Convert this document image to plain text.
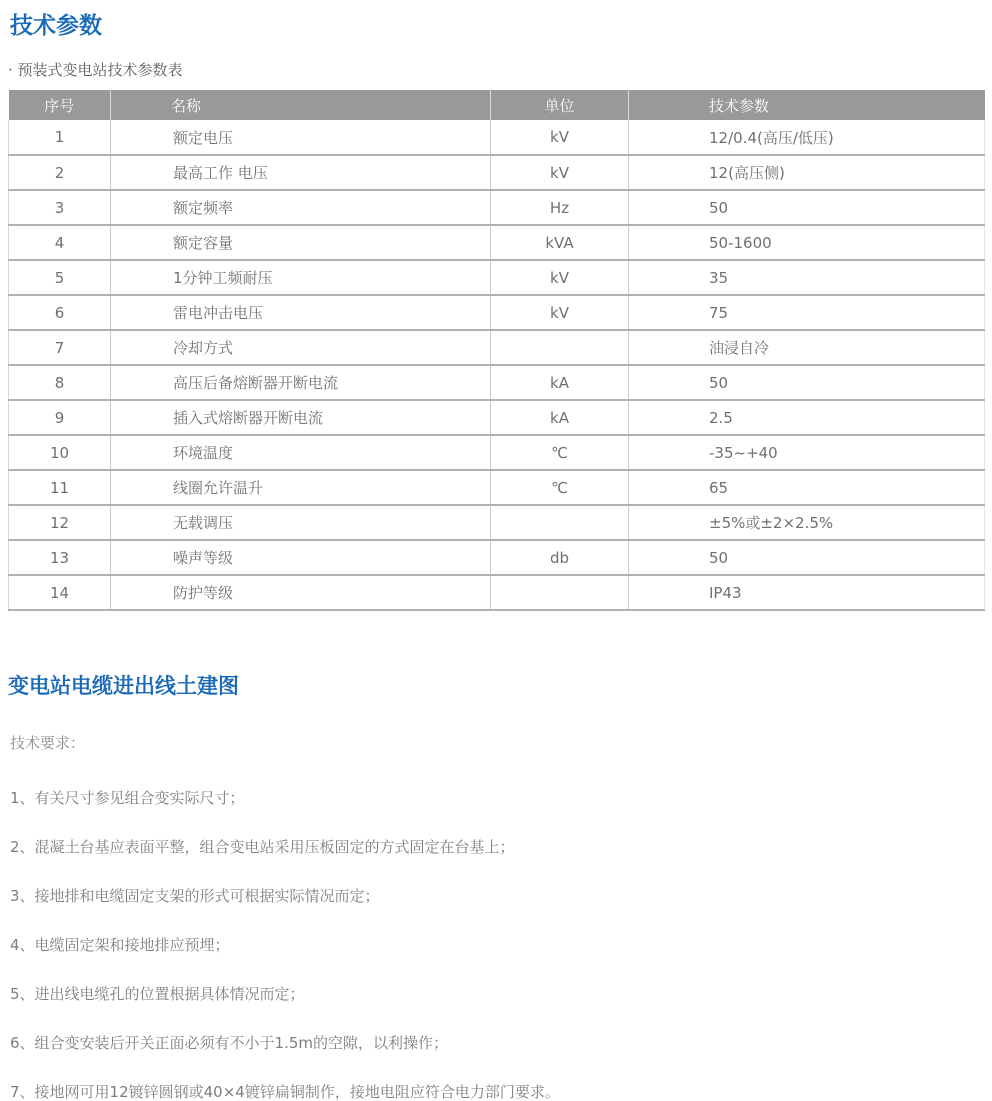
技术参数
· 预装式变电站技术参数表
序号	名称	单位	技术参数
1	额定电压	kV	12/0.4(高压/低压)
2	最高工作 电压	kV	12(高压侧)
3	额定频率	Hz	50
4	额定容量	kVA	50-1600
5	1分钟工频耐压	kV	35
6	雷电冲击电压	kV	75
7	冷却方式		油浸自冷
8	高压后备熔断器开断电流	kA	50
9	插入式熔断器开断电流	kA	2.5
10	环境温度	℃	-35~+40
11	线圈允许温升	℃	65
12	无载调压		±5%或±2×2.5%
13	噪声等级	db	50
14	防护等级		IP43
变电站电缆进出线土建图
技术要求：

1、有关尺寸参见组合变实际尺寸；

2、混凝土台基应表面平整，组合变电站采用压板固定的方式固定在台基上；

3、接地排和电缆固定支架的形式可根据实际情况而定；

4、电缆固定架和接地排应预埋；

5、进出线电缆孔的位置根据具体情况而定；

6、组合变安装后开关正面必须有不小于1.5m的空隙，以利操作；

7、接地网可用12镀锌圆钢或40×4镀锌扁铜制作，接地电阻应符合电力部门要求。
